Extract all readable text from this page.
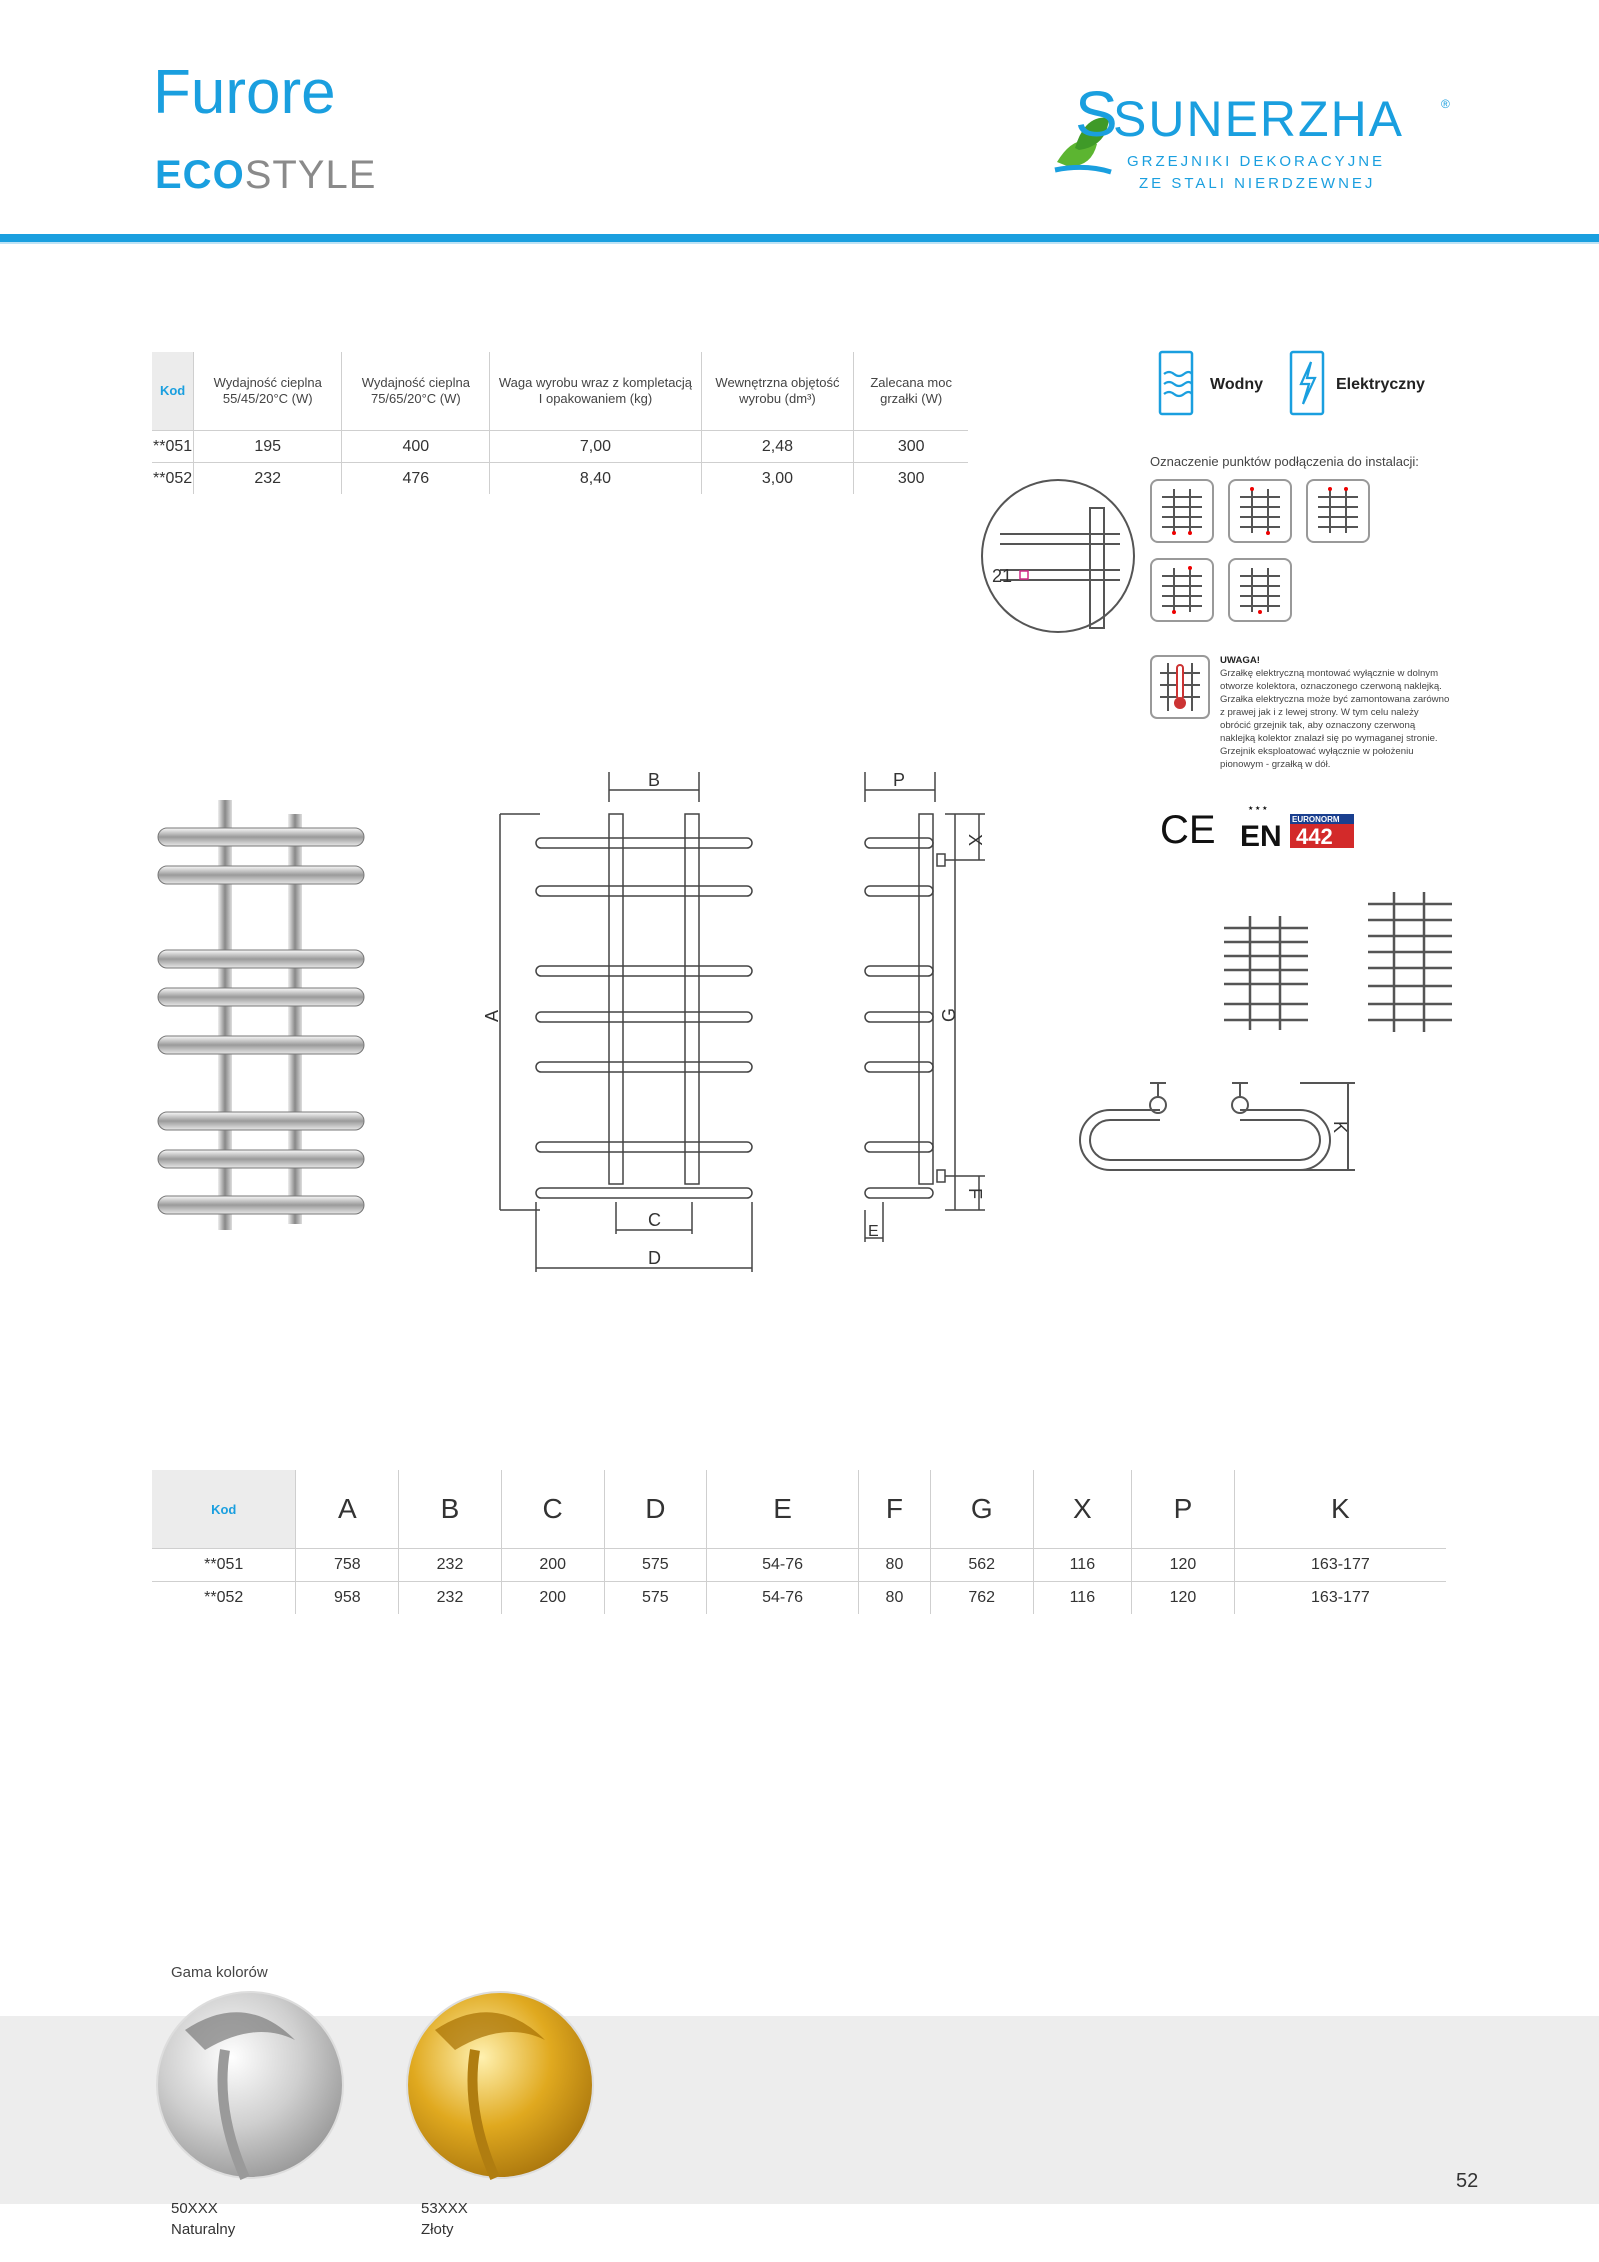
Furore
ECOSTYLE
S
SUNERZHA	®
GRZEJNIKI DEKORACYJNE
ZE STALI NIERDZEWNEJ
Kod	Wydajność cieplna 55/45/20°C (W)	Wydajność cieplna 75/65/20°C (W)	Waga wyrobu wraz z kompletacją I opakowaniem (kg)	Wewnętrzna objętość wyrobu (dm³)	Zalecana moc grzałki (W)
**051	195	400	7,00	2,48	300
**052	232	476	8,40	3,00	300
Wodny	Elektryczny
Oznaczenie punktów podłączenia do instalacji:
21
UWAGA!
Grzałkę elektryczną montować wyłącznie w dolnym otworze kolektora, oznaczonego czerwoną naklejką. Grzałka elektryczna może być zamontowana zarówno z prawej jak i z lewej strony. W tym celu należy obrócić grzejnik tak, aby oznaczony czerwoną naklejką kolektor znalazł się po wymaganej stronie. Grzejnik eksploatować wyłącznie w położeniu pionowym - grzałką w dół.
CE	★ ★ ★
EN
EURONORM
442
K
B
A
C
D
P
X
G
F
E
Kod	A	B	C	D	E	F	G	X	P	K
**051	758	232	200	575	54-76	80	562	116	120	163-177
**052	958	232	200	575	54-76	80	762	116	120	163-177
Gama kolorów
50XXX
Naturalny
53XXX
Złoty
52
